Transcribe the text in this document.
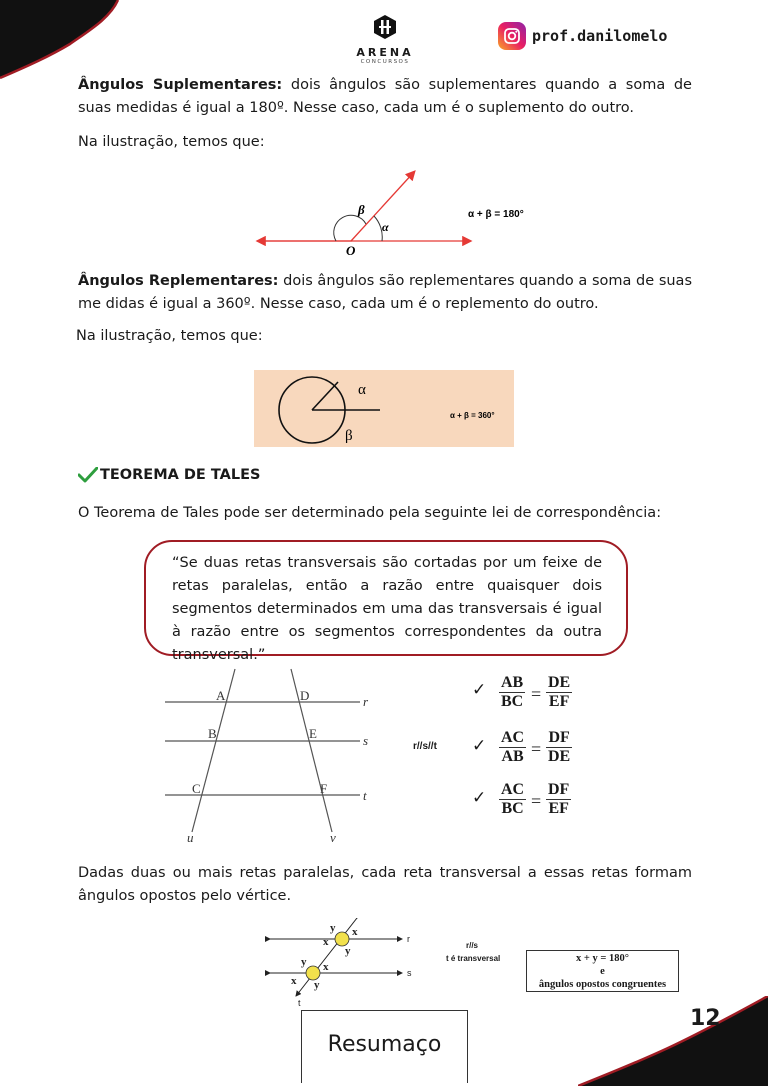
ARENA
CONCURSOS
prof.danilomelo
Ângulos Suplementares: dois ângulos são suplementares quando a soma de suas medidas é igual a 180º. Nesse caso, cada um é o suplemento do outro.
Na ilustração, temos que:
β
α
O
α + β = 180°
Ângulos Replementares: dois ângulos são replementares quando a soma de suas me didas é igual a 360º. Nesse caso, cada um é o replemento do outro.
Na ilustração, temos que:
α
β
α + β = 360°
TEOREMA DE TALES
O Teorema de Tales pode ser determinado pela seguinte lei de correspondência:
“Se duas retas transversais são cortadas por um feixe de retas paralelas, então a razão entre quaisquer dois segmentos determinados em uma das transversais é igual à razão entre os segmentos correspondentes da outra transversal.”
A
B
C
D
E
F
r
s
t
u	v
r//s//t
✓ $\frac{AB}{BC} = \frac{DE}{EF}$
✓ $\frac{AC}{AB} = \frac{DF}{DE}$
✓ $\frac{AC}{BC} = \frac{DF}{EF}$
Dadas duas ou mais retas paralelas, cada reta transversal a essas retas formam ângulos opostos pelo vértice.
y x
x
y
y x
x y
r
s
t
r//s
t é transversal	x + y = 180°
e
ângulos opostos congruentes
Resumaço
12
